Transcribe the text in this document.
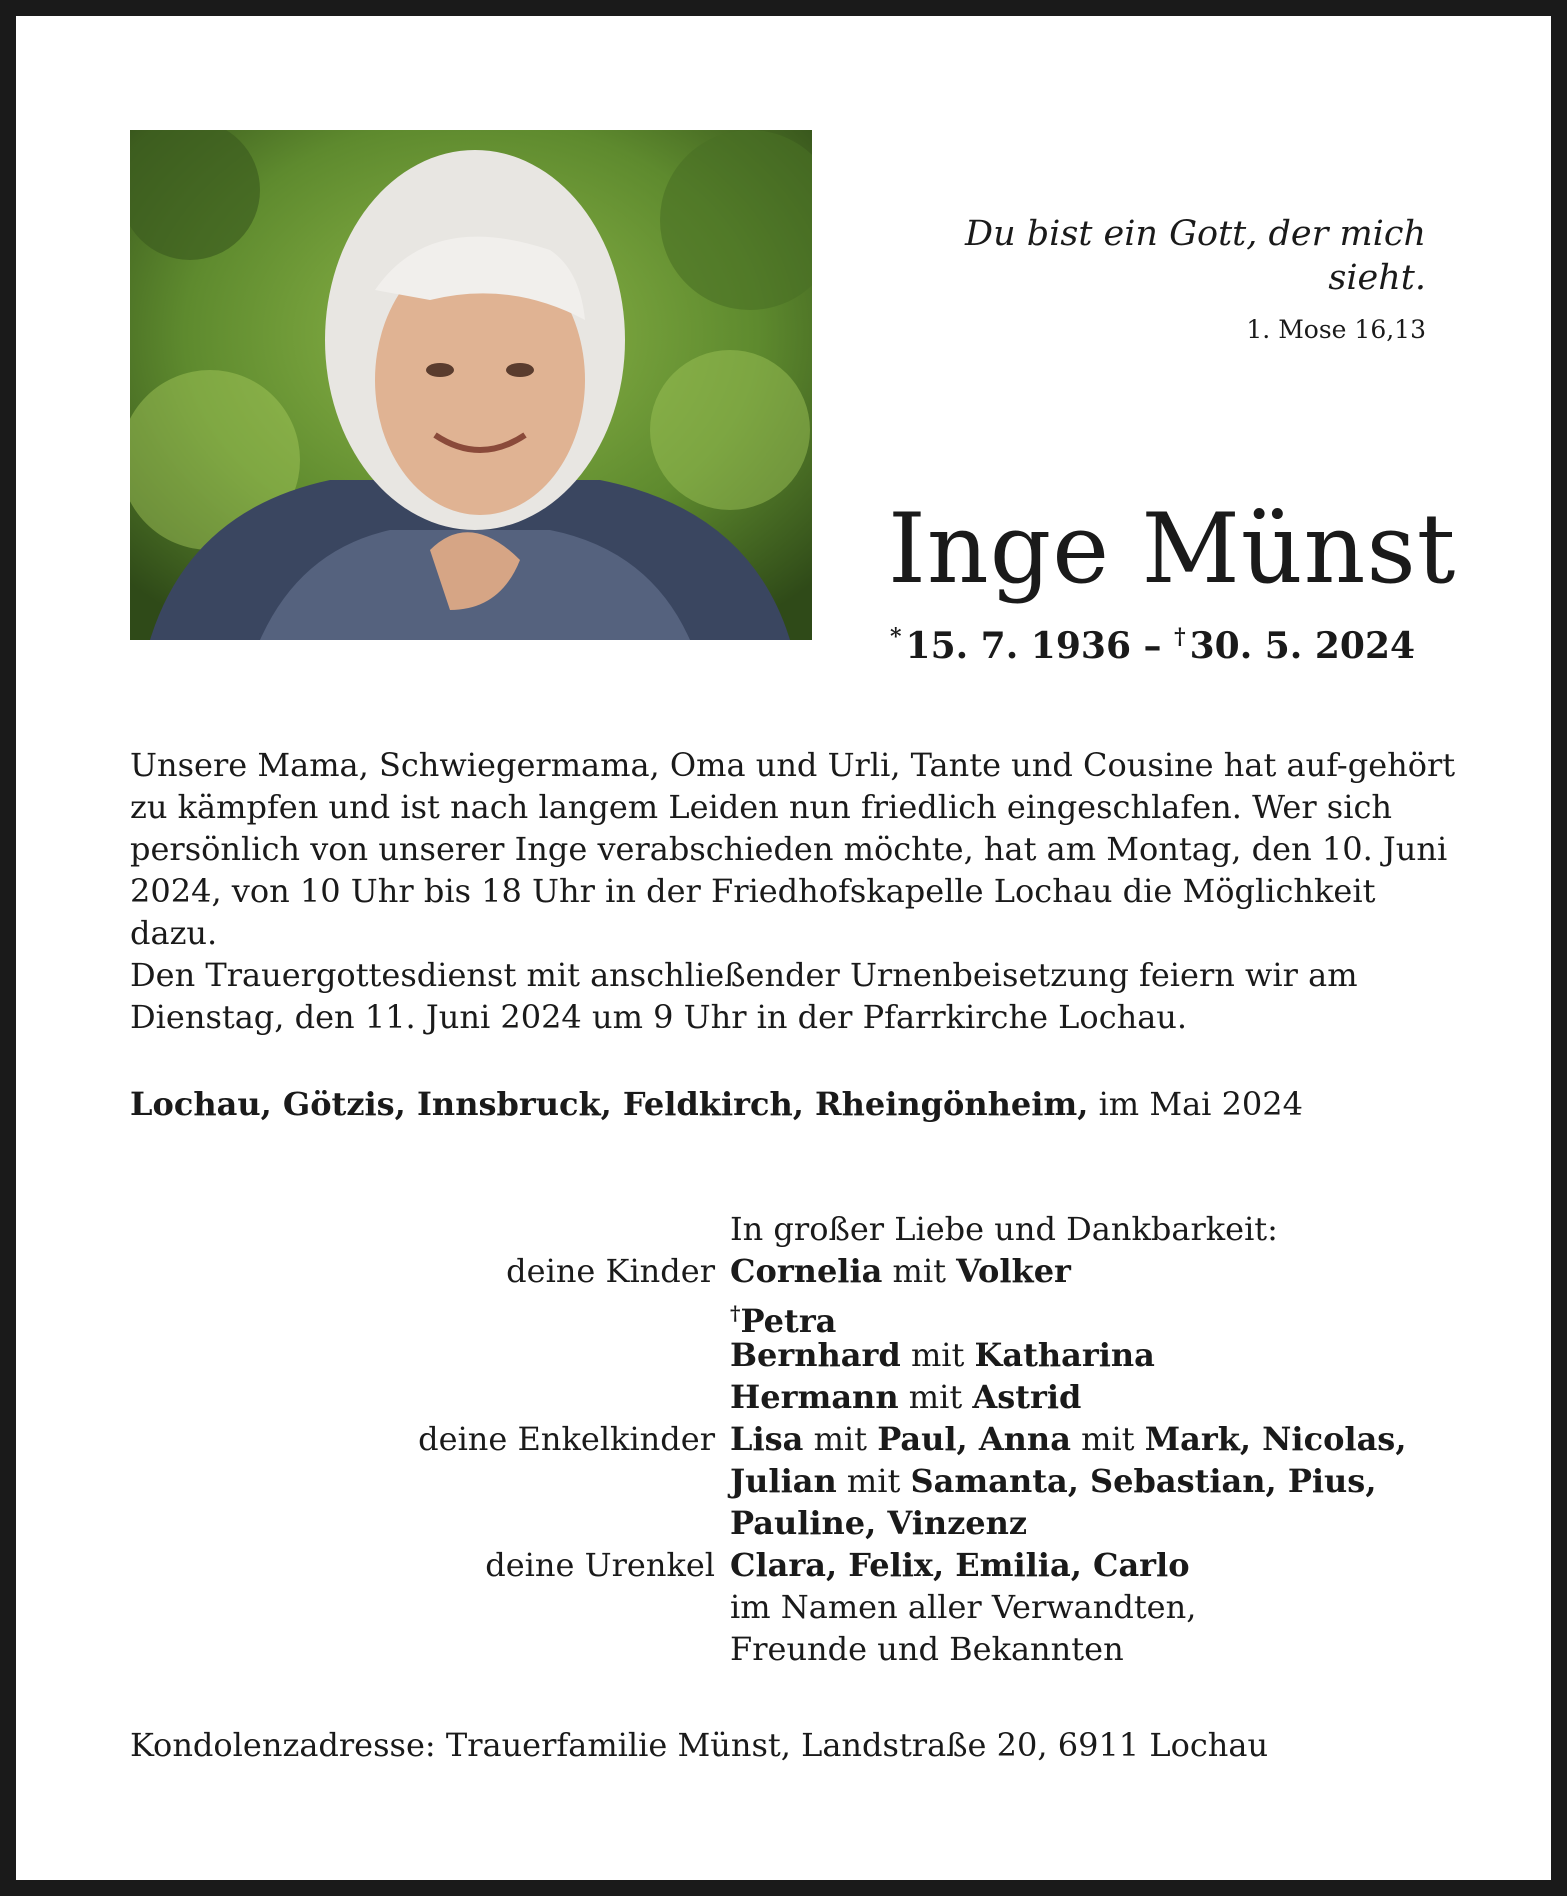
Du bist ein Gott, der mich sieht.
1. Mose 16,13
Inge Münst
* 15. 7. 1936 – † 30. 5. 2024

Unsere Mama, Schwiegermama, Oma und Urli, Tante und Cousine hat auf-gehört zu kämpfen und ist nach langem Leiden nun friedlich eingeschlafen. Wer sich persönlich von unserer Inge verabschieden möchte, hat am Montag, den 10. Juni 2024, von 10 Uhr bis 18 Uhr in der Friedhofskapelle Lochau die Möglichkeit dazu.

Den Trauergottesdienst mit anschließender Urnenbeisetzung feiern wir am Dienstag, den 11. Juni 2024 um 9 Uhr in der Pfarrkirche Lochau.

Lochau, Götzis, Innsbruck, Feldkirch, Rheingönheim, im Mai 2024
In großer Liebe und Dankbarkeit:
deine Kinder Cornelia mit Volker
†Petra
Bernhard mit Katharina
Hermann mit Astrid
deine Enkelkinder Lisa mit Paul, Anna mit Mark, Nicolas,
Julian mit Samanta, Sebastian, Pius,
Pauline, Vinzenz
deine Urenkel Clara, Felix, Emilia, Carlo
im Namen aller Verwandten,
Freunde und Bekannten
Kondolenzadresse: Trauerfamilie Münst, Landstraße 20, 6911 Lochau
